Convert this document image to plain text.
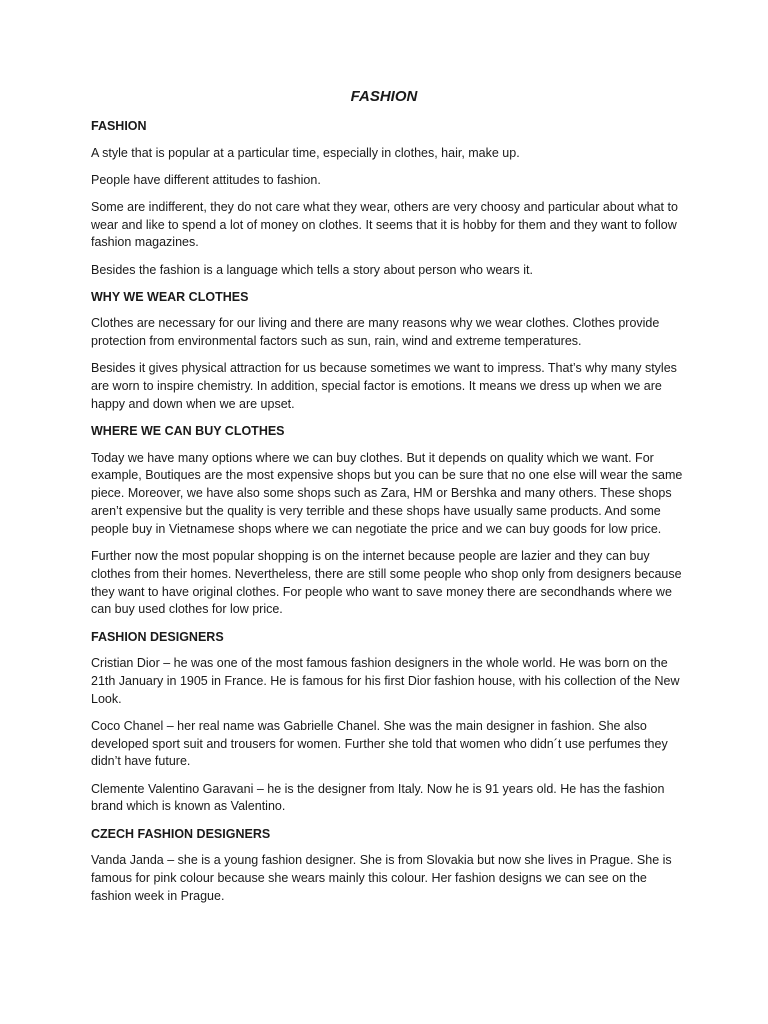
FASHION
FASHION

A style that is popular at a particular time, especially in clothes, hair, make up.

People have different attitudes to fashion.

Some are indifferent, they do not care what they wear, others are very choosy and particular about what to wear and like to spend a lot of money on clothes. It seems that it is hobby for them and they want to follow fashion magazines.

Besides the fashion is a language which tells a story about person who wears it.

WHY WE WEAR CLOTHES

Clothes are necessary for our living and there are many reasons why we wear clothes. Clothes provide protection from environmental factors such as sun, rain, wind and extreme temperatures.

Besides it gives physical attraction for us because sometimes we want to impress. That’s why many styles are worn to inspire chemistry. In addition, special factor is emotions. It means we dress up when we are happy and down when we are upset.

WHERE WE CAN BUY CLOTHES

Today we have many options where we can buy clothes. But it depends on quality which we want. For example, Boutiques are the most expensive shops but you can be sure that no one else will wear the same piece. Moreover, we have also some shops such as Zara, HM or Bershka and many others. These shops aren’t expensive but the quality is very terrible and these shops have usually same products. And some people buy in Vietnamese shops where we can negotiate the price and we can buy goods for low price.

Further now the most popular shopping is on the internet because people are lazier and they can buy clothes from their homes. Nevertheless, there are still some people who shop only from designers because they want to have original clothes. For people who want to save money there are secondhands where we can buy used clothes for low price.

FASHION DESIGNERS

Cristian Dior – he was one of the most famous fashion designers in the whole world. He was born on the 21th January in 1905 in France. He is famous for his first Dior fashion house, with his collection of the New Look.

Coco Chanel – her real name was Gabrielle Chanel. She was the main designer in fashion. She also developed sport suit and trousers for women. Further she told that women who didn´t use perfumes they didn’t have future.

Clemente Valentino Garavani – he is the designer from Italy. Now he is 91 years old. He has the fashion brand which is known as Valentino.

CZECH FASHION DESIGNERS

Vanda Janda – she is a young fashion designer. She is from Slovakia but now she lives in Prague. She is famous for pink colour because she wears mainly this colour. Her fashion designs we can see on the fashion week in Prague.
